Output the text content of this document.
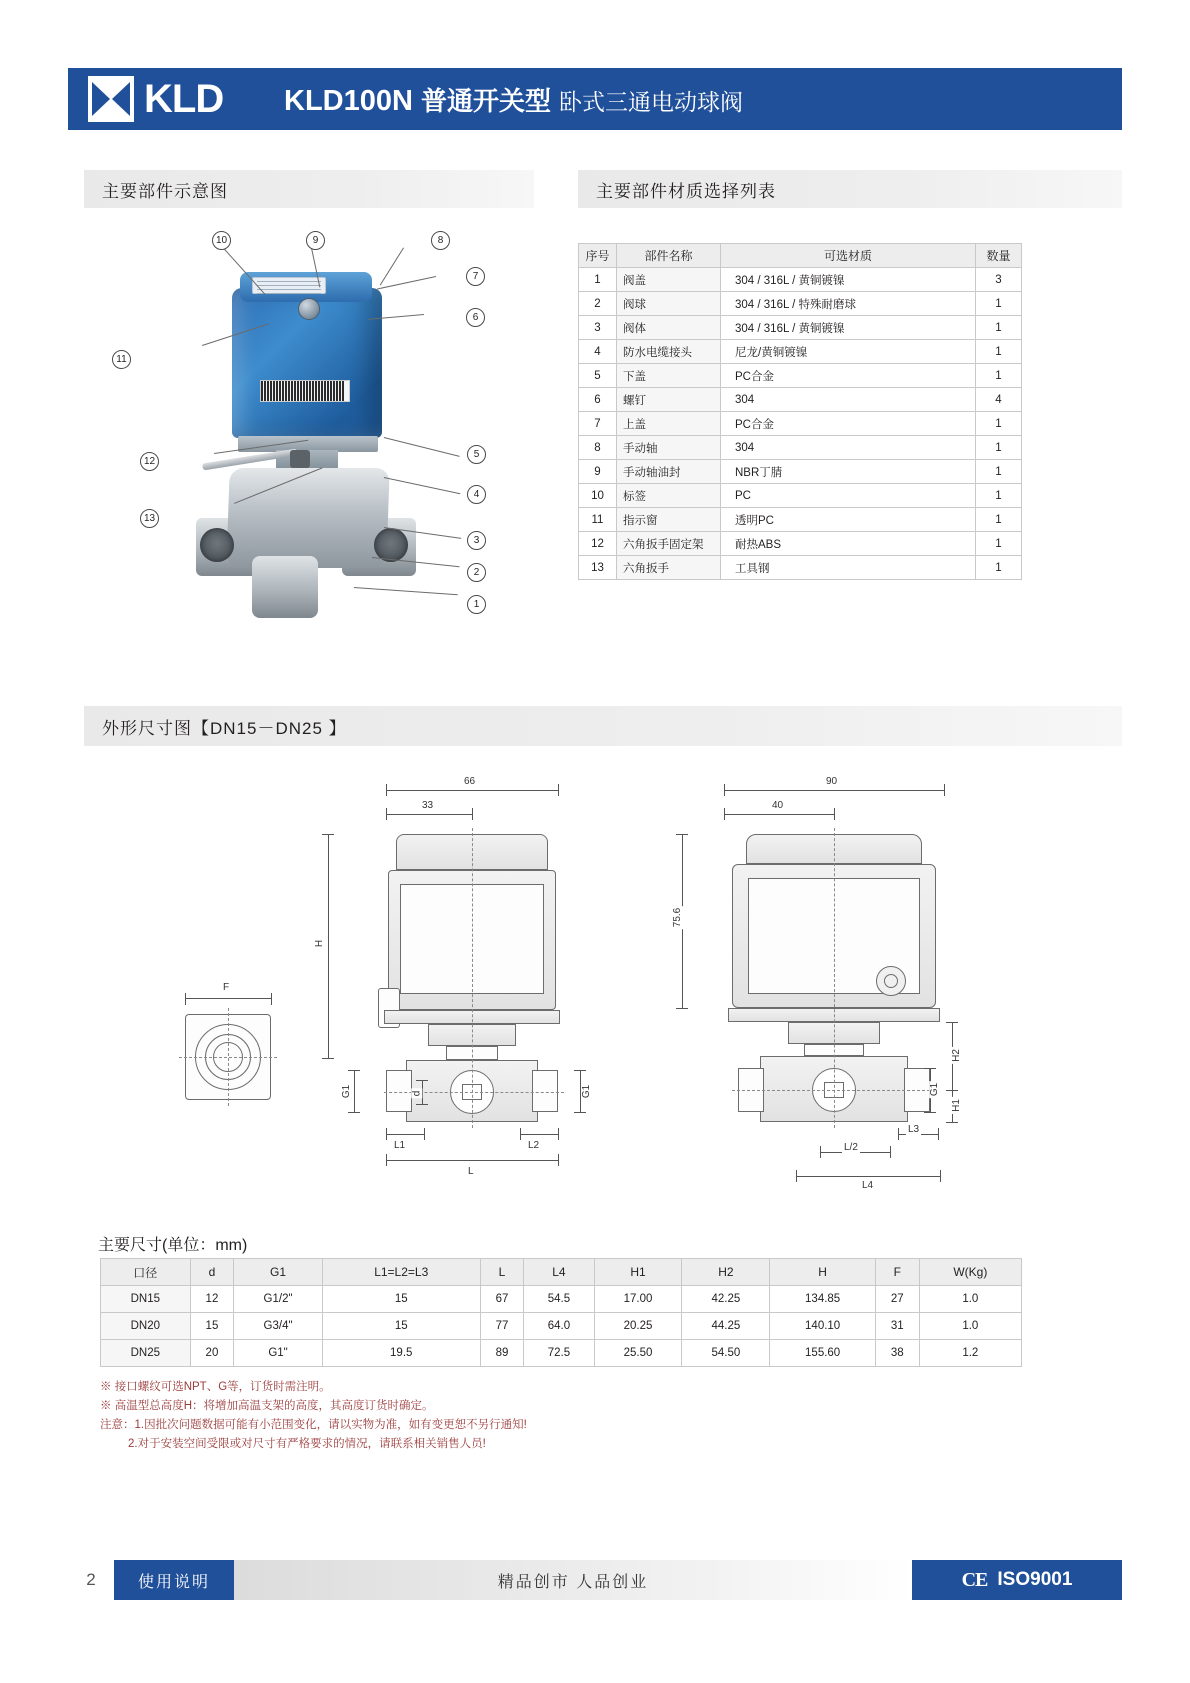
KLD KLD100N 普通开关型 卧式三通电动球阀
主要部件示意图	主要部件材质选择列表
外形尺寸图【DN15－DN25 】
10	9	8
7
6
11
12
13
5
4
3
2
1
序号	部件名称	可选材质	数量
1	阀盖	304 / 316L / 黄铜镀镍	3
2	阀球	304 / 316L / 特殊耐磨球	1
3	阀体	304 / 316L / 黄铜镀镍	1
4	防水电缆接头	尼龙/黄铜镀镍	1
5	下盖	PC合金	1
6	螺钉	304	4
7	上盖	PC合金	1
8	手动轴	304	1
9	手动轴油封	NBR丁腈	1
10	标签	PC	1
11	指示窗	透明PC	1
12	六角扳手固定架	耐热ABS	1
13	六角扳手	工具钢	1
F
66
33
H
G1	d	G1
L1	L2
L
90
40
75.6
H2
H1
G1
L3
L/2
L4
主要尺寸(单位：mm)
口径	d	G1	L1=L2=L3	L	L4	H1	H2	H	F	W(Kg)
DN15	12	G1/2"	15	67	54.5	17.00	42.25	134.85	27	1.0
DN20	15	G3/4"	15	77	64.0	20.25	44.25	140.10	31	1.0
DN25	20	G1"	19.5	89	72.5	25.50	54.50	155.60	38	1.2
※ 接口螺纹可选NPT、G等，订货时需注明。
※ 高温型总高度H：将增加高温支架的高度，其高度订货时确定。
注意：1.因批次问题数据可能有小范围变化，请以实物为准，如有变更恕不另行通知!
2.对于安装空间受限或对尺寸有严格要求的情况，请联系相关销售人员!
2	使用说明	精品创市 人品创业	CE ISO9001
